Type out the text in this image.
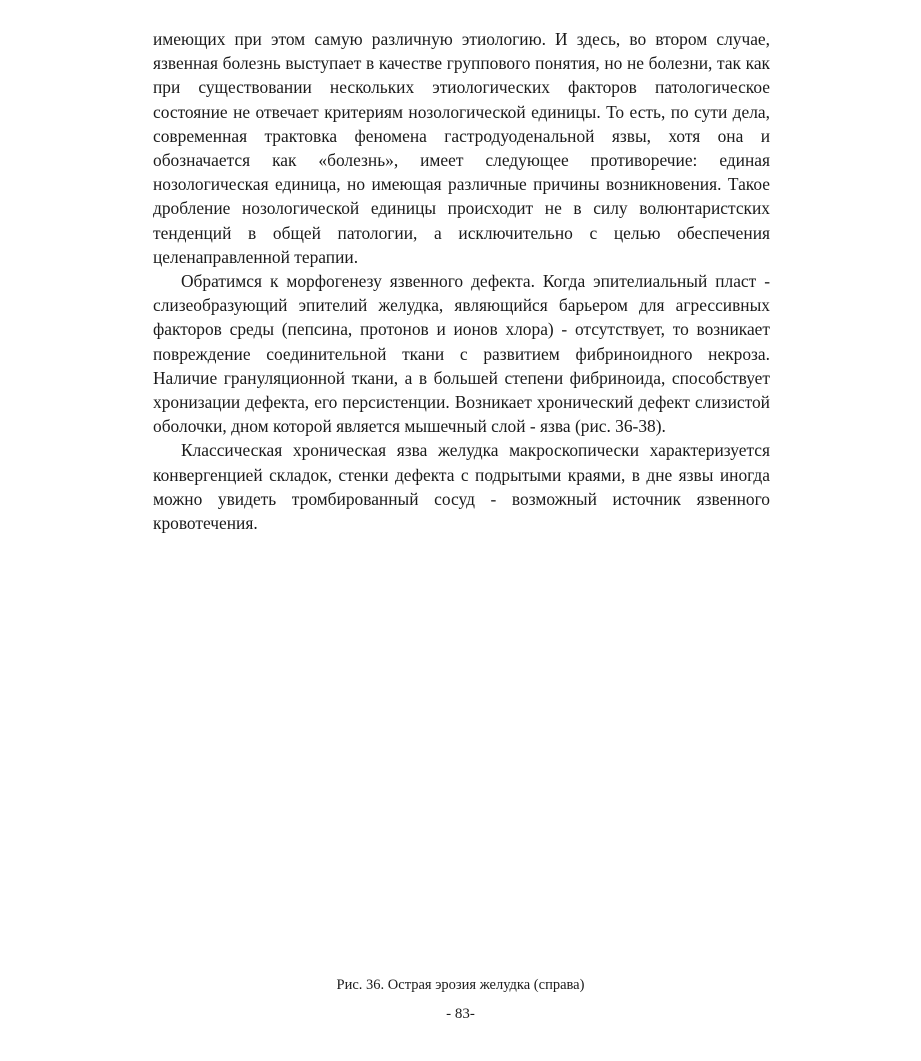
имеющих при этом самую различную этиологию. И здесь, во втором случае, язвенная болезнь выступает в качестве группового понятия, но не болезни, так как при существовании нескольких этиологических факторов патологическое состояние не отвечает критериям нозологической единицы. То есть, по сути дела, современная трактовка феномена гастродуоденальной язвы, хотя она и обозначается как «болезнь», имеет следующее противоречие: единая нозологическая единица, но имеющая различные причины возникновения. Такое дробление нозологической единицы происходит не в силу волюнтаристских тенденций в общей патологии, а исключительно с целью обеспечения целенаправленной терапии.

Обратимся к морфогенезу язвенного дефекта. Когда эпителиальный пласт - слизеобразующий эпителий желудка, являющийся барьером для агрессивных факторов среды (пепсина, протонов и ионов хлора) - отсутствует, то возникает повреждение соединительной ткани с развитием фибриноидного некроза. Наличие грануляционной ткани, а в большей степени фибриноида, способствует хронизации дефекта, его персистенции. Возникает хронический дефект слизистой оболочки, дном которой является мышечный слой - язва (рис. 36-38).

Классическая хроническая язва желудка макроскопически характеризуется конвергенцией складок, стенки дефекта с подрытыми краями, в дне язвы иногда можно увидеть тромбированный сосуд - возможный источник язвенного кровотечения.

Рис. 36. Острая эрозия желудка (справа)
- 83-
